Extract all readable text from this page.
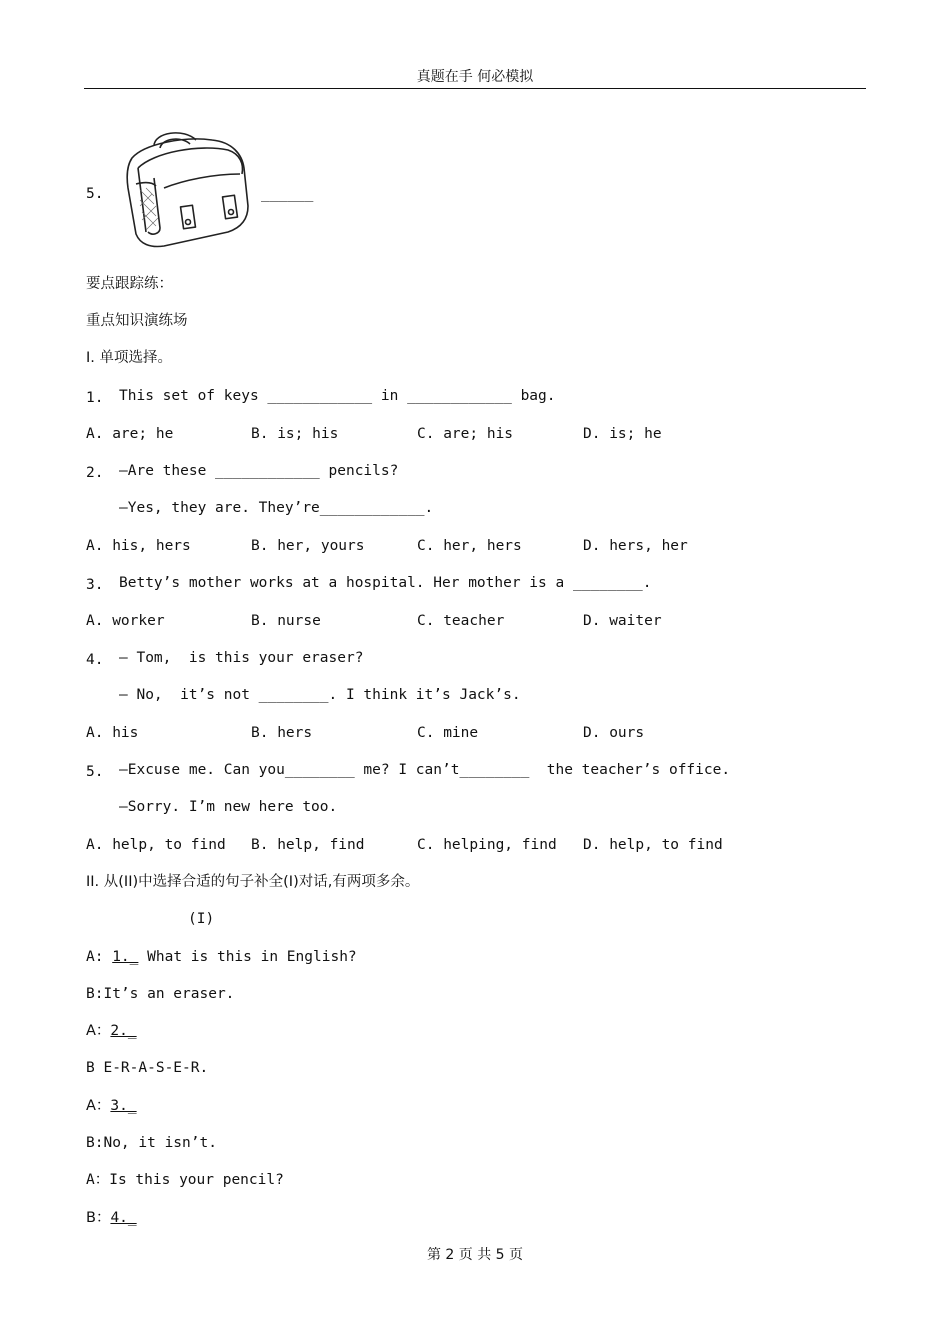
真题在手 何必模拟
5.	______
要点跟踪练：
重点知识演练场
I. 单项选择。
1. This set of keys ____________ in ____________ bag.
A. are; he	B. is; his	C. are; his	D. is; he
2. —Are these ____________ pencils?
—Yes, they are. They’re____________.
A. his, hers	B. her, yours	C. her, hers	D. hers, her
3. Betty’s mother works at a hospital. Her mother is a ________.
A. worker	B. nurse	C. teacher	D. waiter
4. — Tom,  is this your eraser?
— No,  it’s not ________. I think it’s Jack’s.
A. his	B. hers	C. mine	D. ours
5. —Excuse me. Can you________ me? I can’t________  the teacher’s office.
—Sorry. I’m new here too.
A. help, to find B. help, find	C. helping, find D. help, to find
II. 从(II)中选择合适的句子补全(I)对话,有两项多余。
(I)
A: 1._ What is this in English?
B:It’s an eraser.
A：2._
B E-R-A-S-E-R.
A：3._
B:No, it isn’t.
A：Is this your pencil?
B：4._
第 2 页 共 5 页
